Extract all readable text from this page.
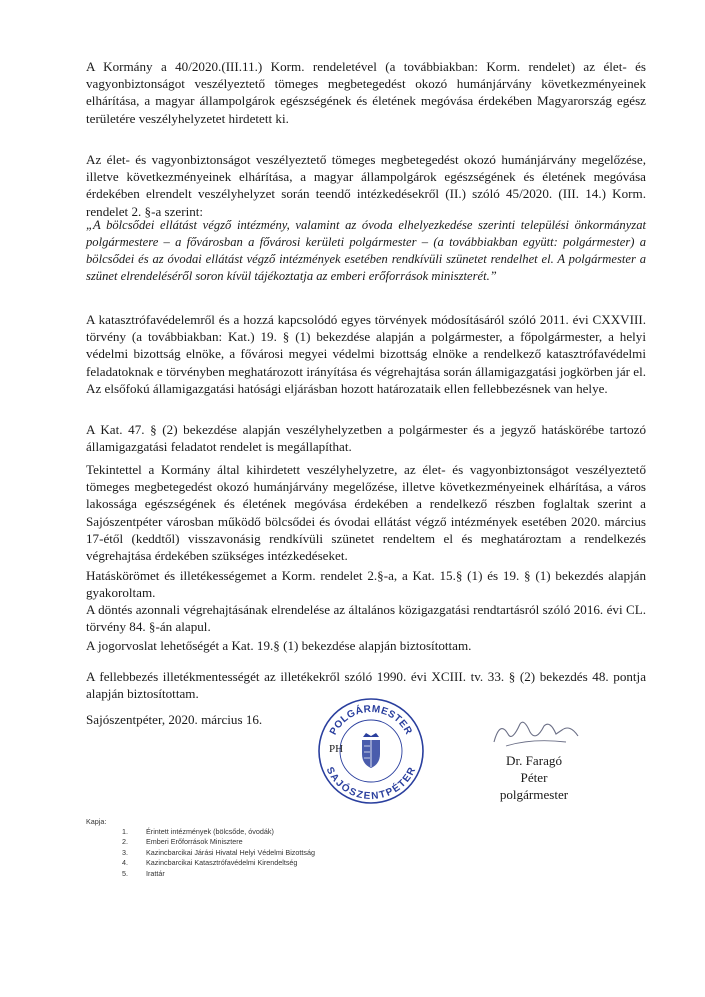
A Kormány a 40/2020.(III.11.) Korm. rendeletével (a továbbiakban: Korm. rendelet) az élet- és vagyonbiztonságot veszélyeztető tömeges megbetegedést okozó humánjárvány következményeinek elhárítása, a magyar állampolgárok egészségének és életének megóvása érdekében Magyarország egész területére veszélyhelyzetet hirdetett ki.

Az élet- és vagyonbiztonságot veszélyeztető tömeges megbetegedést okozó humánjárvány megelőzése, illetve következményeinek elhárítása, a magyar állampolgárok egészségének és életének megóvása érdekében elrendelt veszélyhelyzet során teendő intézkedésekről (II.) szóló 45/2020. (III. 14.) Korm. rendelet 2. §-a szerint:

„A bölcsődei ellátást végző intézmény, valamint az óvoda elhelyezkedése szerinti települési önkormányzat polgármestere – a fővárosban a fővárosi kerületi polgármester – (a továbbiakban együtt: polgármester) a bölcsődei és az óvodai ellátást végző intézmények esetében rendkívüli szünetet rendelhet el. A polgármester a szünet elrendeléséről soron kívül tájékoztatja az emberi erőforrások miniszterét.”

A katasztrófavédelemről és a hozzá kapcsolódó egyes törvények módosításáról szóló 2011. évi CXXVIII. törvény (a továbbiakban: Kat.) 19. § (1) bekezdése alapján a polgármester, a főpolgármester, a helyi védelmi bizottság elnöke, a fővárosi megyei védelmi bizottság elnöke a rendelkező katasztrófavédelmi feladatoknak e törvényben meghatározott irányítása és végrehajtása során államigazgatási jogkörben jár el. Az elsőfokú államigazgatási hatósági eljárásban hozott határozataik ellen fellebbezésnek van helye.

A Kat. 47. § (2) bekezdése alapján veszélyhelyzetben a polgármester és a jegyző hatáskörébe tartozó államigazgatási feladatot rendelet is megállapíthat.

Tekintettel a Kormány által kihirdetett veszélyhelyzetre, az élet- és vagyonbiztonságot veszélyeztető tömeges megbetegedést okozó humánjárvány megelőzése, illetve következményeinek elhárítása, a város lakossága egészségének és életének megóvása érdekében a rendelkező részben foglaltak szerint a Sajószentpéter városban működő bölcsődei és óvodai ellátást végző intézmények esetében 2020. március 17-étől (keddtől) visszavonásig rendkívüli szünetet rendeltem el és meghatároztam a rendelkezés végrehajtása érdekében szükséges intézkedéseket.

Hatáskörömet és illetékességemet a Korm. rendelet 2.§-a, a Kat. 15.§ (1) és 19. § (1) bekezdés alapján gyakoroltam.

A döntés azonnali végrehajtásának elrendelése az általános közigazgatási rendtartásról szóló 2016. évi CL. törvény 84. §-án alapul.

A jogorvoslat lehetőségét a Kat. 19.§ (1) bekezdése alapján biztosítottam.

A fellebbezés illetékmentességét az illetékekről szóló 1990. évi XCIII. tv. 33. § (2) bekezdés 48. pontja alapján biztosítottam.

Sajószentpéter, 2020. március 16.
POLGÁRMESTER
SAJÓSZENTPÉTER
PH
Dr. Faragó Péter
polgármester
Kapja:
1.	Érintett intézmények (bölcsőde, óvodák)
2.	Emberi Erőforrások Minisztere
3.	Kazincbarcikai Járási Hivatal Helyi Védelmi Bizottság
4.	Kazincbarcikai Katasztrófavédelmi Kirendeltség
5.	Irattár
